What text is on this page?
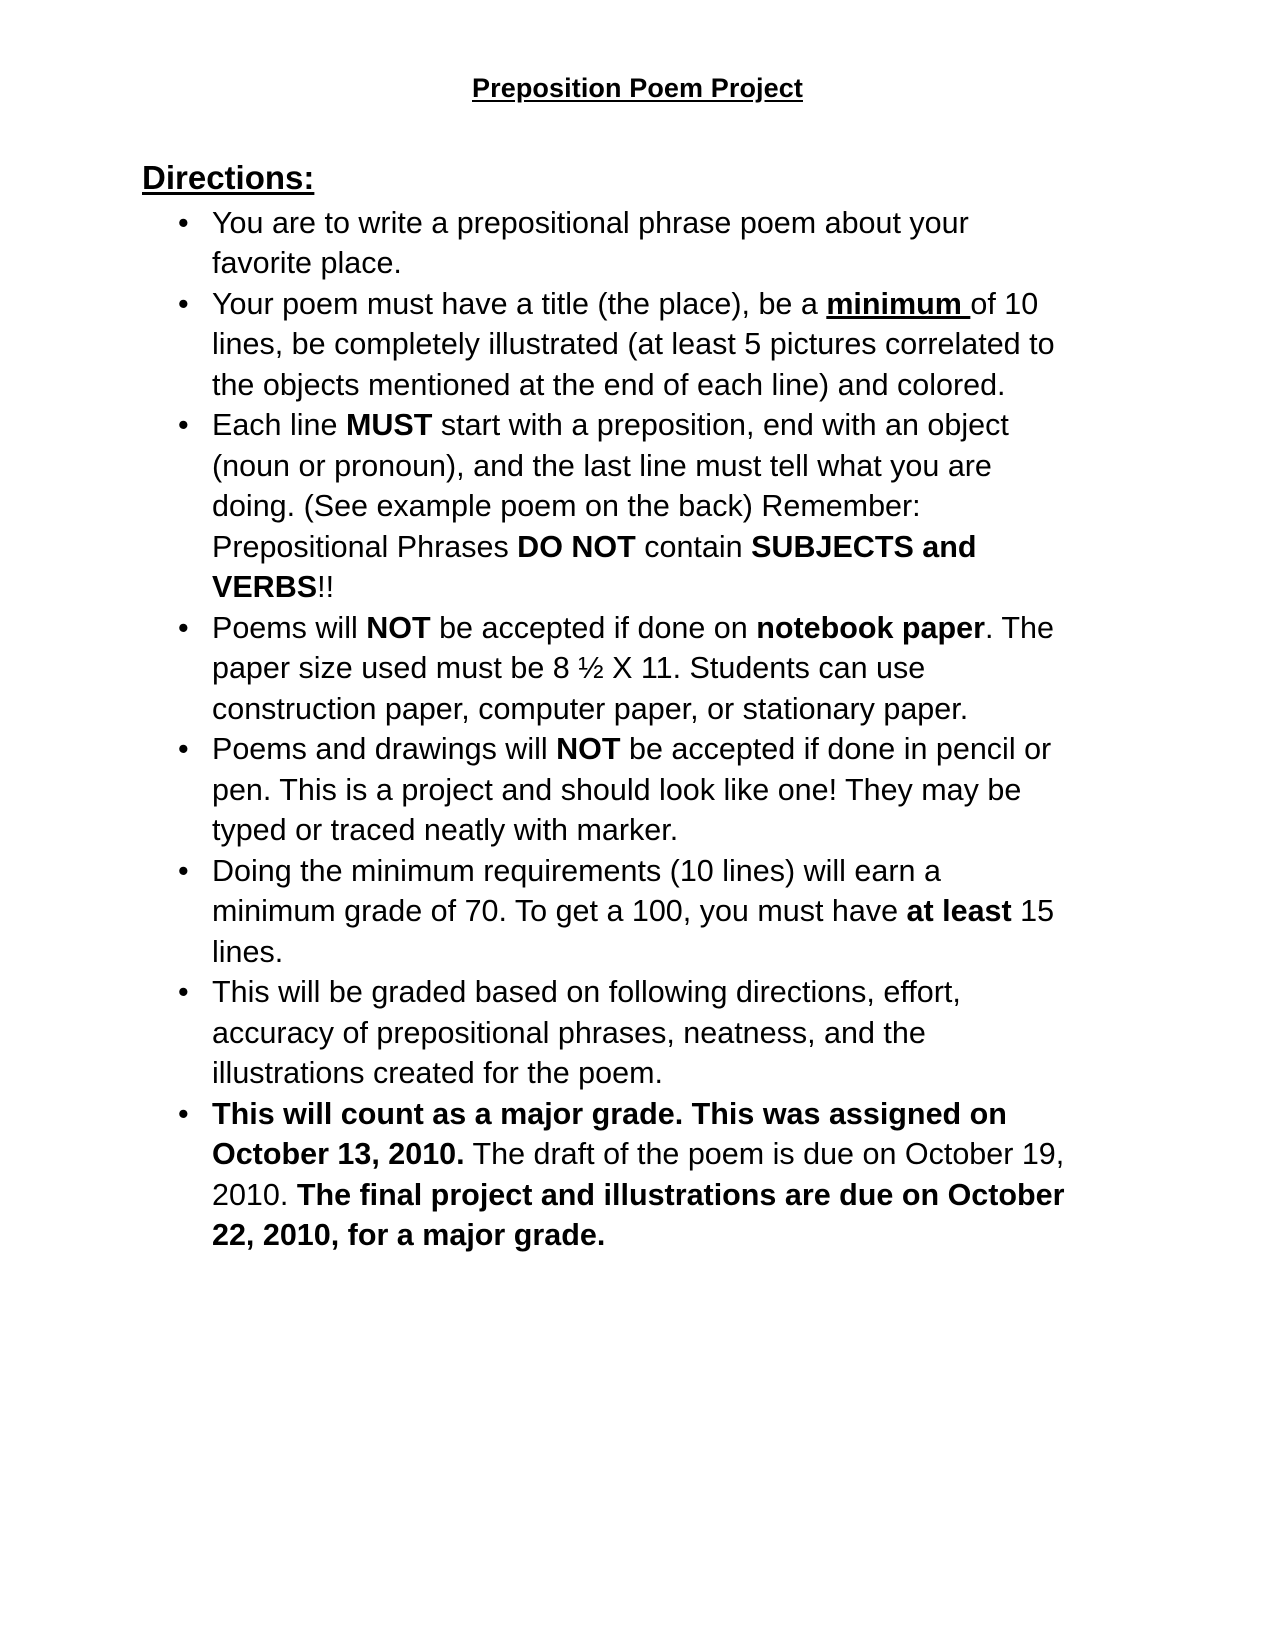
Preposition Poem Project
Directions:
• You are to write a prepositional phrase poem about your favorite place.
• Your poem must have a title (the place), be a minimum of 10 lines, be completely illustrated (at least 5 pictures correlated to the objects mentioned at the end of each line) and colored.
• Each line MUST start with a preposition, end with an object (noun or pronoun), and the last line must tell what you are doing. (See example poem on the back) Remember: Prepositional Phrases DO NOT contain SUBJECTS and VERBS!!
• Poems will NOT be accepted if done on notebook paper. The paper size used must be 8 ½ X 11. Students can use construction paper, computer paper, or stationary paper.
• Poems and drawings will NOT be accepted if done in pencil or pen. This is a project and should look like one! They may be typed or traced neatly with marker.
• Doing the minimum requirements (10 lines) will earn a minimum grade of 70. To get a 100, you must have at least 15 lines.
• This will be graded based on following directions, effort, accuracy of prepositional phrases, neatness, and the illustrations created for the poem.
• This will count as a major grade. This was assigned on October 13, 2010. The draft of the poem is due on October 19, 2010. The final project and illustrations are due on October 22, 2010, for a major grade.
